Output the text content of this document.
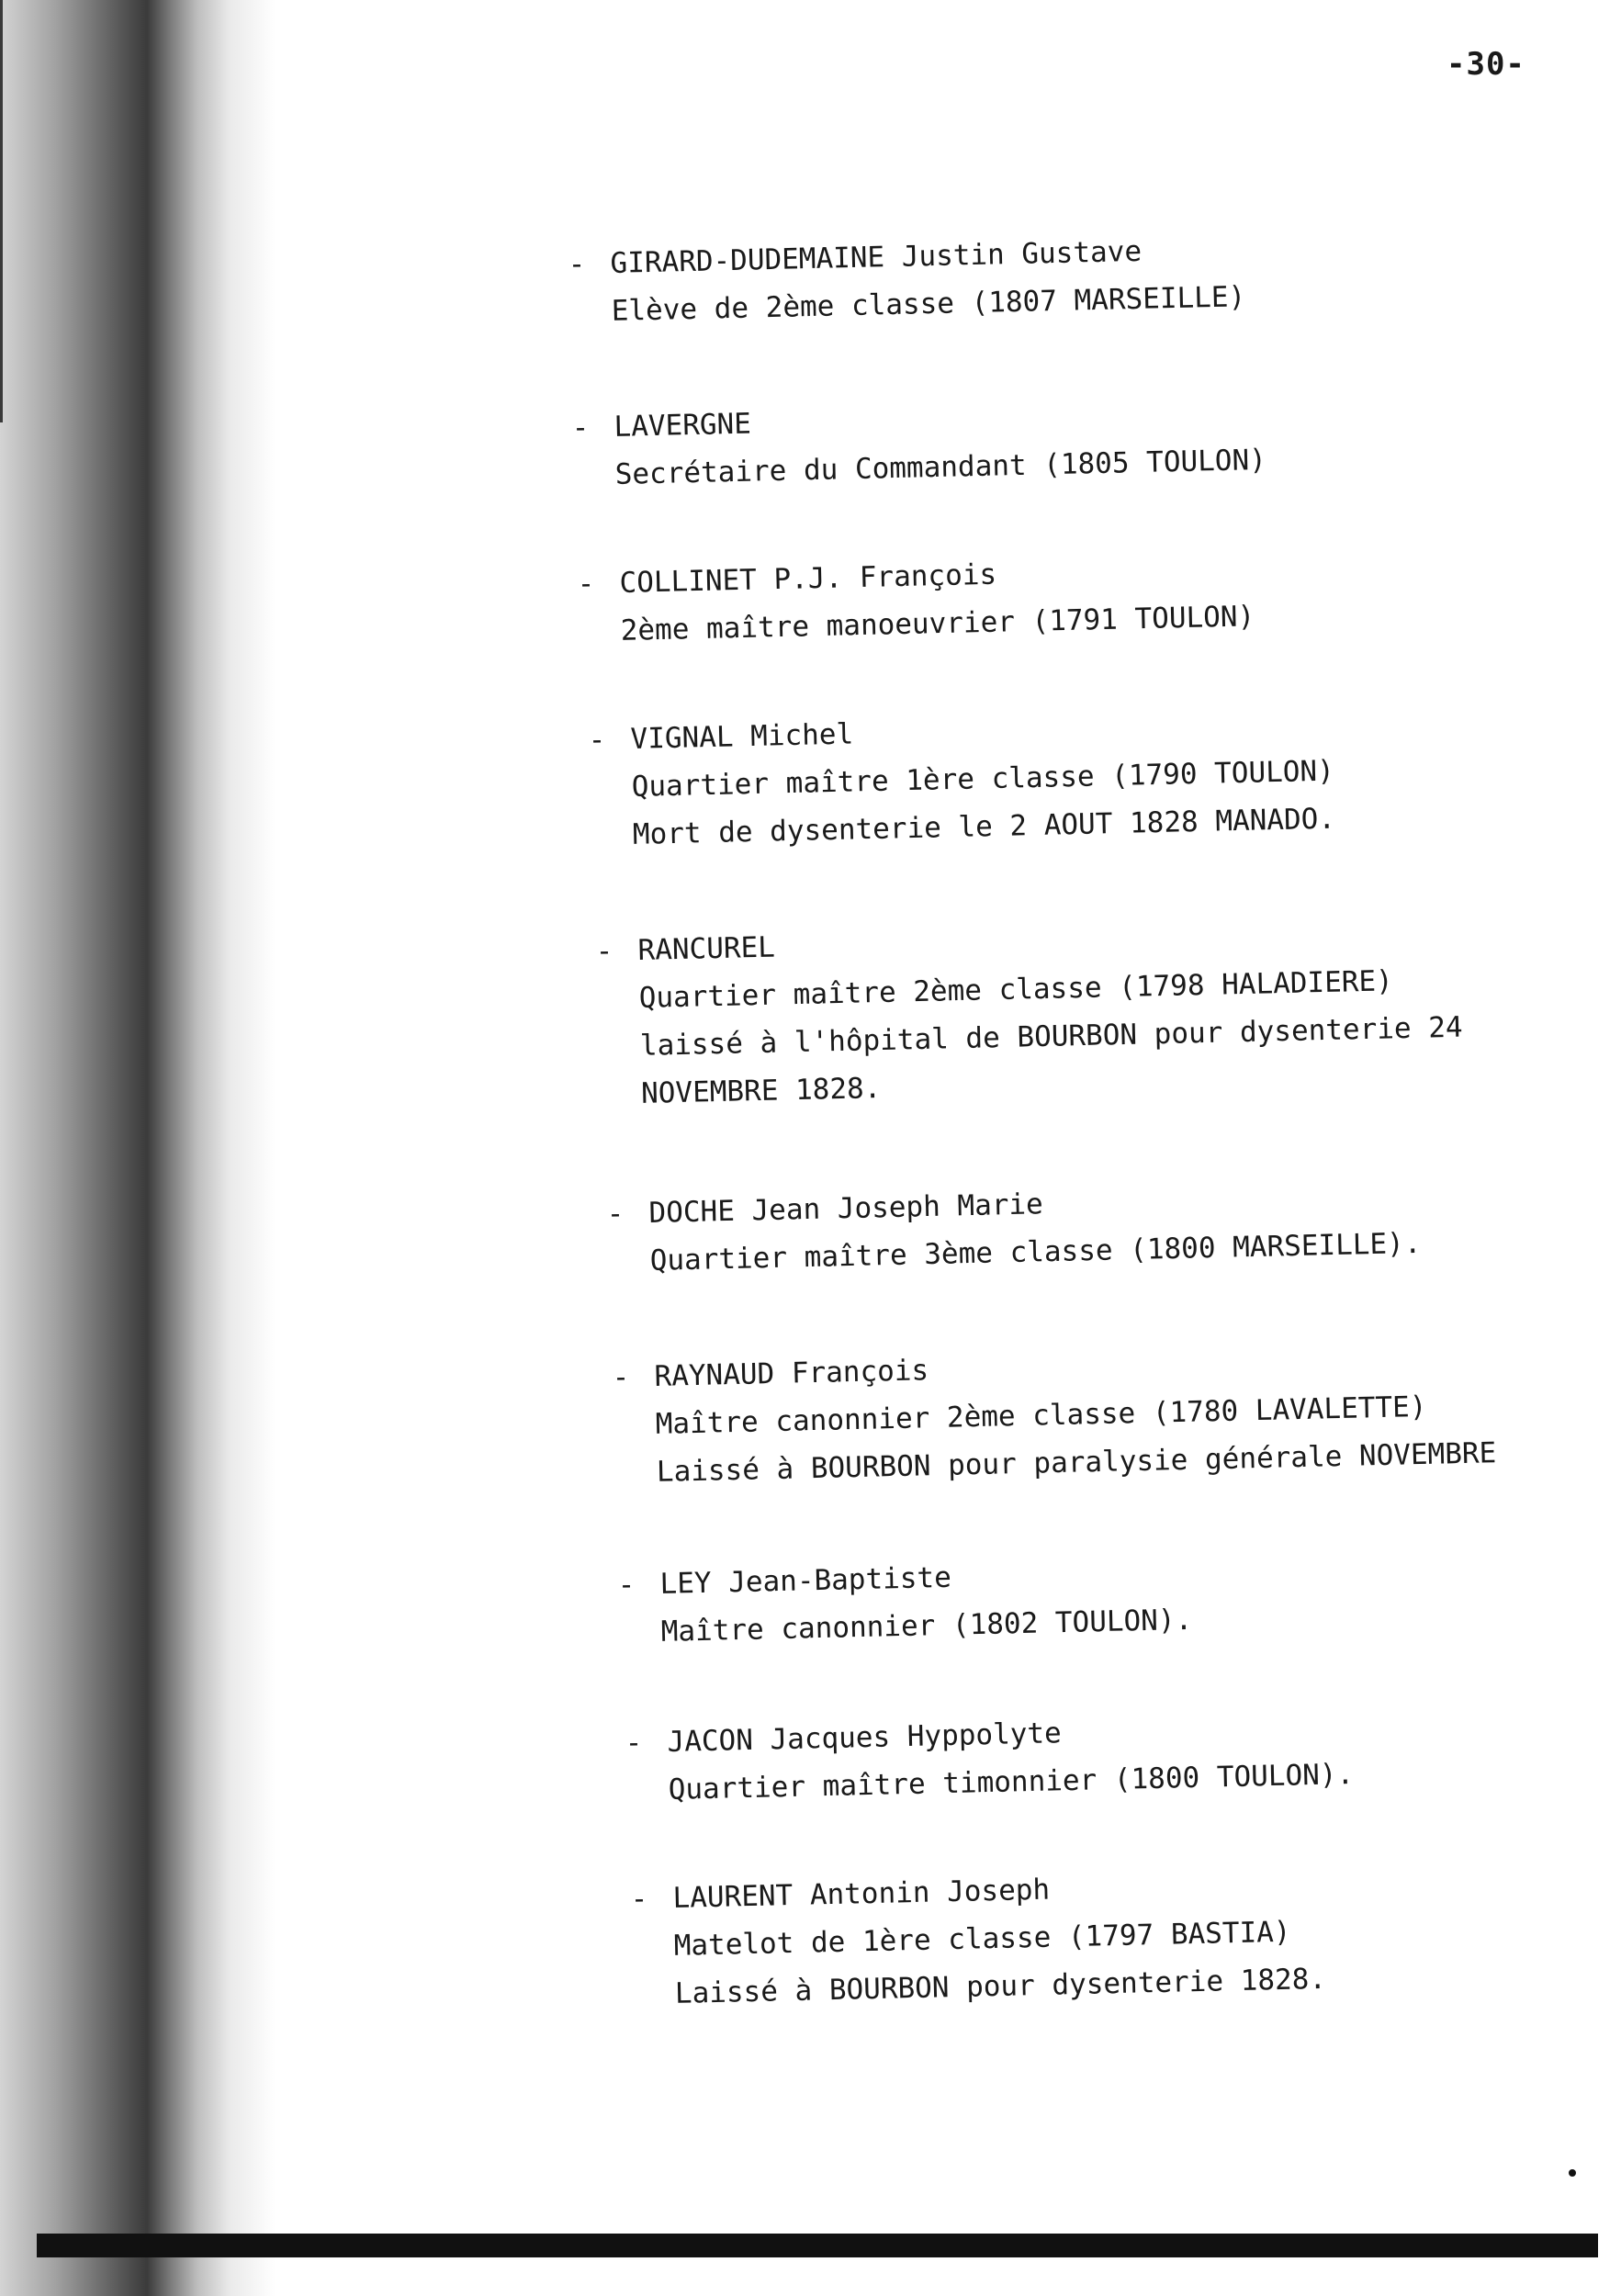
-30-
- GIRARD-DUDEMAINE Justin Gustave
Elève de 2ème classe (1807 MARSEILLE)
- LAVERGNE
Secrétaire du Commandant (1805 TOULON)
- COLLINET P.J. François
2ème maître manoeuvrier (1791 TOULON)
- VIGNAL Michel
Quartier maître 1ère classe (1790 TOULON)
Mort de dysenterie le 2 AOUT 1828 MANADO.
- RANCUREL
Quartier maître 2ème classe (1798 HALADIERE)
laissé à l'hôpital de BOURBON pour dysenterie 24
NOVEMBRE 1828.
- DOCHE Jean Joseph Marie
Quartier maître 3ème classe (1800 MARSEILLE).
- RAYNAUD François
Maître canonnier 2ème classe (1780 LAVALETTE)
Laissé à BOURBON pour paralysie générale NOVEMBRE
- LEY Jean-Baptiste
Maître canonnier (1802 TOULON).
- JACON Jacques Hyppolyte
Quartier maître timonnier (1800 TOULON).
- LAURENT Antonin Joseph
Matelot de 1ère classe (1797 BASTIA)
Laissé à BOURBON pour dysenterie 1828.
